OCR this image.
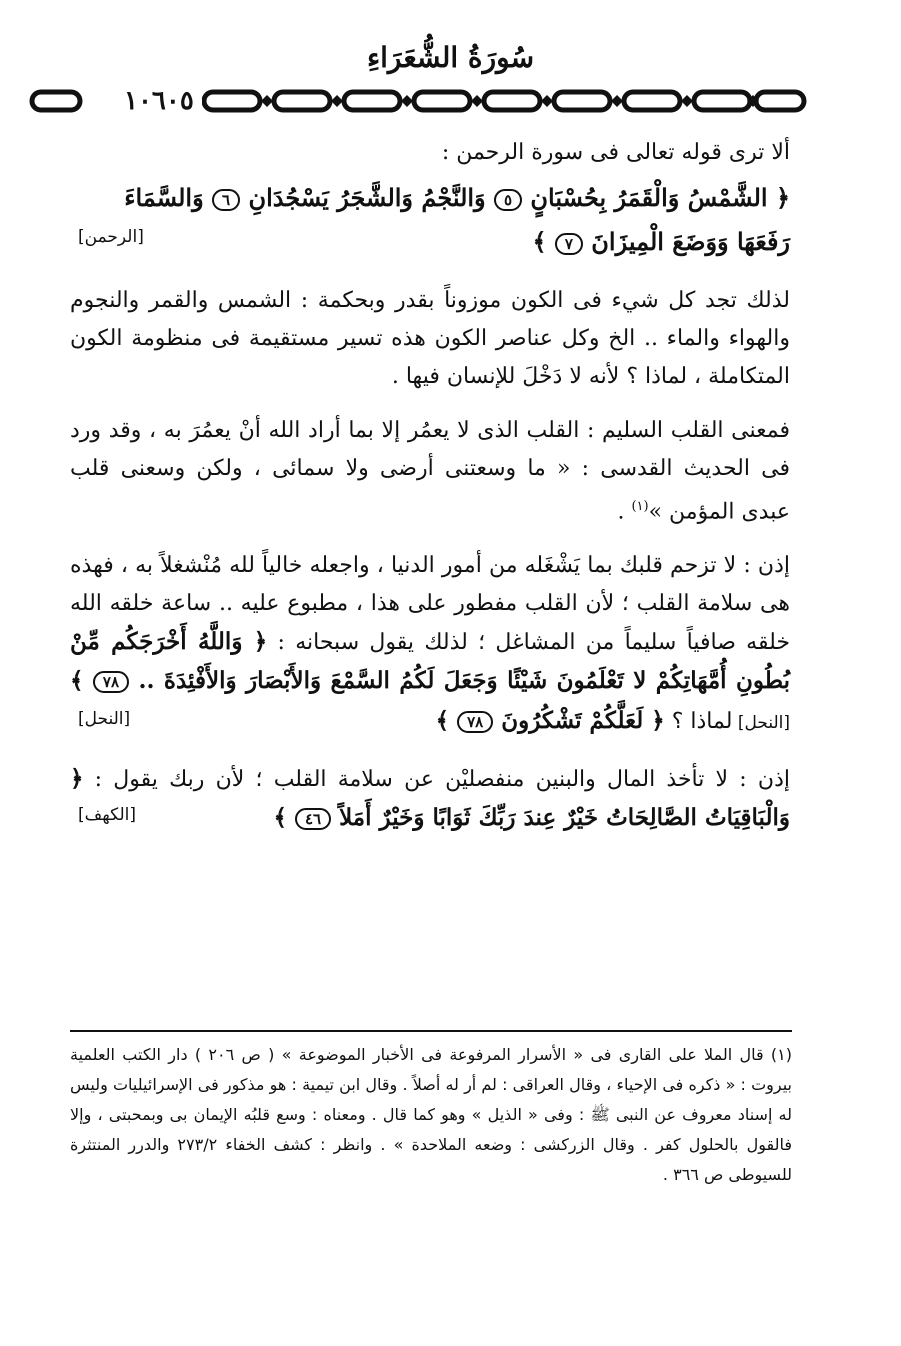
سُورَةُ الشُّعَرَاءِ
١٠٦٠٥

ألا ترى قوله تعالى فى سورة الرحمن :

﴿ الشَّمْسُ وَالْقَمَرُ بِحُسْبَانٍ ٥ وَالنَّجْمُ وَالشَّجَرُ يَسْجُدَانِ ٦ وَالسَّمَاءَ
رَفَعَهَا وَوَضَعَ الْمِيزَانَ ٧ ﴾
[الرحمن]

لذلك تجد كل شيء فى الكون موزوناً بقدر وبحكمة : الشمس والقمر والنجوم والهواء والماء .. الخ وكل عناصر الكون هذه تسير مستقيمة فى منظومة الكون المتكاملة ، لماذا ؟ لأنه لا دَخْلَ للإنسان فيها .

فمعنى القلب السليم : القلب الذى لا يعمُر إلا بما أراد الله أنْ يعمُرَ به ، وقد ورد فى الحديث القدسى : « ما وسعتنى أرضى ولا سمائى ، ولكن وسعنى قلب عبدى المؤمن »$^{(١)}$ .

إذن : لا تزحم قلبك بما يَشْغَله من أمور الدنيا ، واجعله خالياً لله مُنْشغلاً به ، فهذه هى سلامة القلب ؛ لأن القلب مفطور على هذا ، مطبوع عليه .. ساعة خلقه الله خلقه صافياً سليماً من المشاغل ؛ لذلك يقول سبحانه : ﴿ وَاللَّهُ أَخْرَجَكُم مِّنْ بُطُونِ أُمَّهَاتِكُمْ لا تَعْلَمُونَ شَيْئًا وَجَعَلَ لَكُمُ السَّمْعَ وَالأَبْصَارَ وَالأَفْئِدَةَ .. ٧٨ ﴾ [النحل] لماذا ؟ ﴿ لَعَلَّكُمْ تَشْكُرُونَ ٧٨ ﴾

[النحل]

إذن : لا تأخذ المال والبنين منفصليْن عن سلامة القلب ؛ لأن ربك يقول : ﴿ وَالْبَاقِيَاتُ الصَّالِحَاتُ خَيْرٌ عِندَ رَبِّكَ ثَوَابًا وَخَيْرٌ أَمَلاً ٤٦ ﴾

[الكهف]
(١) قال الملا على القارى فى « الأسرار المرفوعة فى الأخبار الموضوعة » ( ص ٢٠٦ ) دار الكتب العلمية بيروت : « ذكره فى الإحياء ، وقال العراقى : لم أر له أصلاً . وقال ابن تيمية : هو مذكور فى الإسرائيليات وليس له إسناد معروف عن النبى ﷺ : وفى « الذيل » وهو كما قال . ومعناه : وسع قلبُه الإيمان بى وبمحبتى ، وإلا فالقول بالحلول كفر . وقال الزركشى : وضعه الملاحدة » . وانظر : كشف الخفاء ٢٧٣/٢ والدرر المنتثرة للسيوطى ص ٣٦٦ .
